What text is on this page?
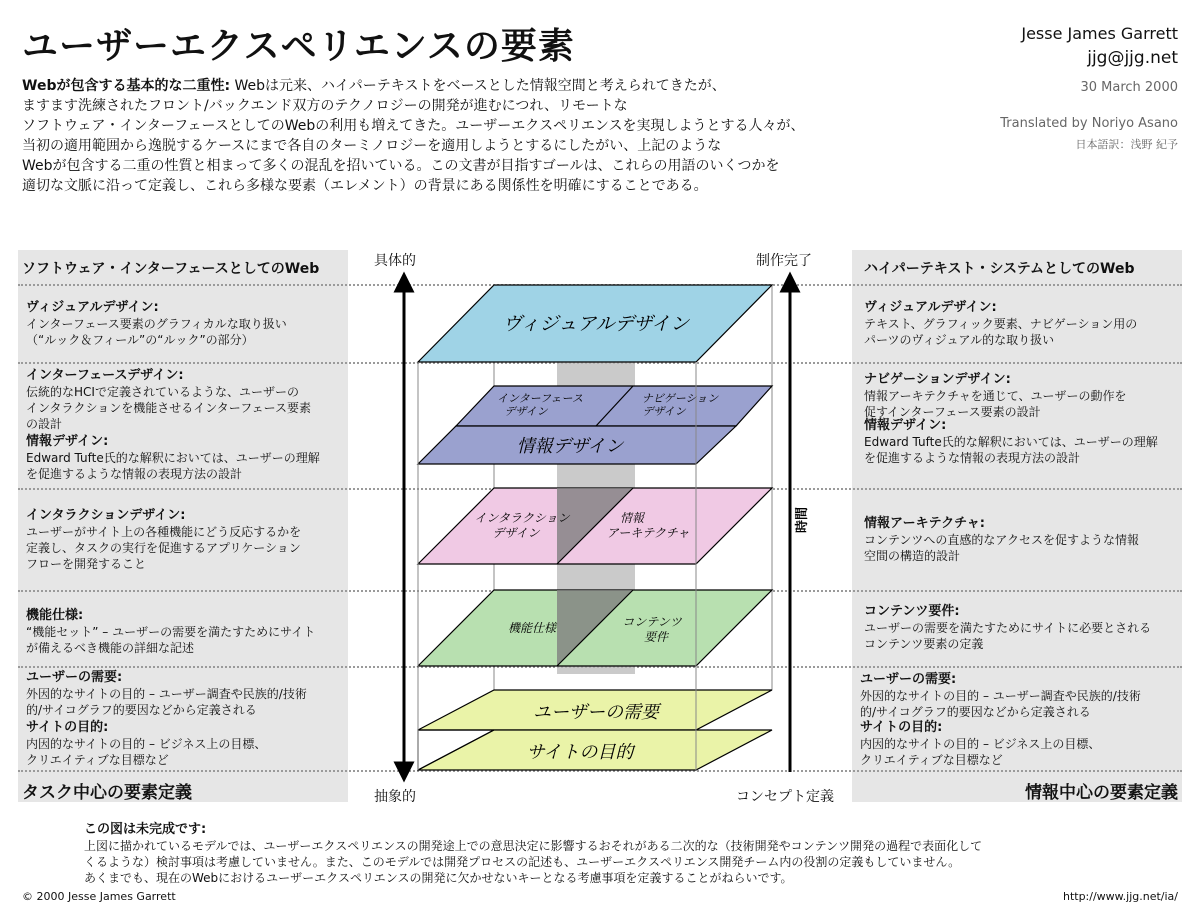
ユーザーエクスペリエンスの要素	Jesse James Garrett
jjg@jjg.net
30 March 2000
Translated by Noriyo Asano
日本語訳：浅野 紀予
Webが包含する基本的な二重性: Webは元来、ハイパーテキストをベースとした情報空間と考えられてきたが、
ますます洗練されたフロント/バックエンド双方のテクノロジーの開発が進むにつれ、リモートな
ソフトウェア・インターフェースとしてのWebの利用も増えてきた。ユーザーエクスペリエンスを実現しようとする人々が、
当初の適用範囲から逸脱するケースにまで各自のターミノロジーを適用しようとするにしたがい、上記のような
Webが包含する二重の性質と相まって多くの混乱を招いている。この文書が目指すゴールは、これらの用語のいくつかを
適切な文脈に沿って定義し、これら多様な要素（エレメント）の背景にある関係性を明確にすることである。
ソフトウェア・インターフェースとしてのWeb
ヴィジュアルデザイン:
インターフェース要素のグラフィカルな取り扱い
（“ルック＆フィール”の“ルック”の部分）
インターフェースデザイン:
伝統的なHCIで定義されているような、ユーザーの
インタラクションを機能させるインターフェース要素
の設計
情報デザイン:
Edward Tufte氏的な解釈においては、ユーザーの理解
を促進するような情報の表現方法の設計
インタラクションデザイン:
ユーザーがサイト上の各種機能にどう反応するかを
定義し、タスクの実行を促進するアプリケーション
フローを開発すること
機能仕様:
“機能セット” – ユーザーの需要を満たすためにサイト
が備えるべき機能の詳細な記述
ユーザーの需要:
外因的なサイトの目的 – ユーザー調査や民族的/技術
的/サイコグラフ的要因などから定義される
サイトの目的:
内因的なサイトの目的 – ビジネス上の目標、
クリエイティブな目標など
タスク中心の要素定義
ハイパーテキスト・システムとしてのWeb
ヴィジュアルデザイン:
テキスト、グラフィック要素、ナビゲーション用の
パーツのヴィジュアル的な取り扱い
ナビゲーションデザイン:
情報アーキテクチャを通じて、ユーザーの動作を
促すインターフェース要素の設計
情報デザイン:
Edward Tufte氏的な解釈においては、ユーザーの理解
を促進するような情報の表現方法の設計
情報アーキテクチャ:
コンテンツへの直感的なアクセスを促すような情報
空間の構造的設計
コンテンツ要件:
ユーザーの需要を満たすためにサイトに必要とされる
コンテンツ要素の定義
ユーザーの需要:
外因的なサイトの目的 – ユーザー調査や民族的/技術
的/サイコグラフ的要因などから定義される
サイトの目的:
内因的なサイトの目的 – ビジネス上の目標、
クリエイティブな目標など
情報中心の要素定義
具体的
抽象的
制作完了
コンセプト定義
ユーザーの需要
サイトの目的
機能仕様	コンテンツ要件
インタラクションデザイン
情報アーキテクチャ
インターフェースデザイン
ナビゲーションデザイン
情報デザイン
ヴィジュアルデザイン
時間
この図は未完成です:
上図に描かれているモデルでは、ユーザーエクスペリエンスの開発途上での意思決定に影響するおそれがある二次的な（技術開発やコンテンツ開発の過程で表面化して
くるような）検討事項は考慮していません。また、このモデルでは開発プロセスの記述も、ユーザーエクスペリエンス開発チーム内の役割の定義もしていません。
あくまでも、現在のWebにおけるユーザーエクスペリエンスの開発に欠かせないキーとなる考慮事項を定義することがねらいです。
© 2000 Jesse James Garrett	http://www.jjg.net/ia/
